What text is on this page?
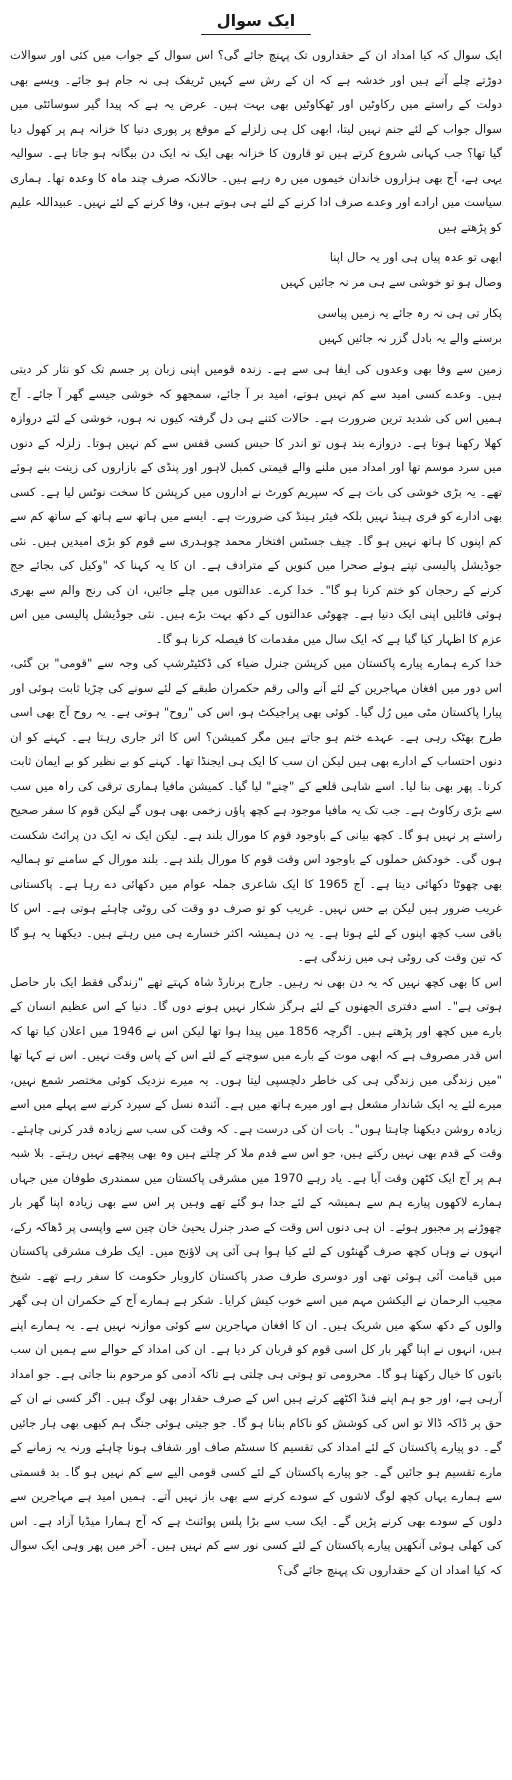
ایک سوال

ایک سوال کہ کیا امداد ان کے حقداروں تک پہنچ جائے گی؟ اس سوال کے جواب میں کئی اور سوالات دوڑتے چلے آتے ہیں اور خدشہ ہے کہ ان کے رش سے کہیں ٹریفک ہی نہ جام ہو جائے۔ ویسے بھی دولت کے راستے میں رکاوٹیں اور ٹھکاوٹیں بھی بہت ہیں۔ عرض یہ ہے کہ پیدا گیر سوسائٹی میں سوال جواب کے لئے جنم نہیں لیتا، ابھی کل ہی زلزلے کے موقع پر پوری دنیا کا خزانہ ہم پر کھول دیا گیا تھا؟ جب کہانی شروع کرتے ہیں تو قارون کا خزانہ بھی ایک نہ ایک دن بیگانہ ہو جاتا ہے۔ سوالیہ یہی ہے، آج بھی ہزاروں خاندان خیموں میں رہ رہے ہیں۔ حالانکہ صرف چند ماہ کا وعدہ تھا۔ ہماری سیاست میں ارادے اور وعدے صرف ادا کرنے کے لئے ہی ہوتے ہیں، وفا کرنے کے لئے نہیں۔ عبیداللہ علیم کو پڑھتے ہیں

ابھی تو عدہ پیاں ہی اور یہ حال اپنا

وصال ہو تو خوشی سے ہی مر نہ جائیں کہیں

پکار تی ہی نہ رہ جائے یہ زمیں پیاسی

برسنے والے یہ بادل گزر نہ جائیں کہیں

زمین سے وفا بھی وعدوں کی ایفا ہی سے ہے۔ زندہ قومیں اپنی زبان پر جسم تک کو نثار کر دیتی ہیں۔ وعدے کسی امید سے کم نہیں ہوتے، امید بر آ جائے، سمجھو کہ خوشی جیسے گھر آ جائے۔ آج ہمیں اس کی شدید ترین ضرورت ہے۔ حالات کتنے ہی دل گرفتہ کیوں نہ ہوں، خوشی کے لئے دروازہ کھلا رکھنا ہوتا ہے۔ دروازے بند ہوں تو اندر کا حبس کسی قفس سے کم نہیں ہوتا۔ زلزلہ کے دنوں میں سرد موسم تھا اور امداد میں ملنے والے قیمتی کمبل لاہور اور پنڈی کے بازاروں کی زینت بنے ہوئے تھے۔ یہ بڑی خوشی کی بات ہے کہ سپریم کورٹ نے اداروں میں کرپشن کا سخت نوٹس لیا ہے۔ کسی بھی ادارے کو فری ہینڈ نہیں بلکہ فیئر ہینڈ کی ضرورت ہے۔ ایسے میں ہاتھ سے ہاتھ کے ساتھ کم سے کم اپنوں کا ہاتھ نہیں ہو گا۔ چیف جسٹس افتخار محمد چوہدری سے قوم کو بڑی امیدیں ہیں۔ نئی جوڈیشل پالیسی تپتے ہوئے صحرا میں کنویں کے مترادف ہے۔ ان کا یہ کہنا کہ "وکیل کی بجائے جج کرنے کے رحجان کو ختم کرنا ہو گا"۔ خدا کرے۔ عدالتوں میں چلے جائیں، ان کی رنج والم سے بھری ہوئی فائلیں اپنی ایک دنیا ہے۔ چھوٹی عدالتوں کے دکھ بہت بڑے ہیں۔ نئی جوڈیشل پالیسی میں اس عزم کا اظہار کیا گیا ہے کہ ایک سال میں مقدمات کا فیصلہ کرنا ہو گا۔

خدا کرے ہمارے پیارے پاکستان میں کرپشن جنرل ضیاء کی ڈکٹیٹرشپ کی وجہ سے "قومی" بن گئی، اس دور میں افغان مہاجرین کے لئے آنے والی رقم حکمران طبقے کے لئے سونے کی چڑیا ثابت ہوئی اور پیارا پاکستان مٹی میں رُل گیا۔ کوئی بھی پراجیکٹ ہو، اس کی "روح" ہوتی ہے۔ یہ روح آج بھی اسی طرح بھٹک رہی ہے۔ عہدے ختم ہو جاتے ہیں مگر کمیشن؟ اس کا اثر جاری رہتا ہے۔ کہنے کو ان دنوں احتساب کے ادارے بھی ہیں لیکن ان سب کا ایک ہی ایجنڈا تھا۔ کہنے کو بے نظیر کو بے ایمان ثابت کرنا۔ پھر بھی بنا لیا۔ اسے شاہی قلعے کے "چنے" لیا گیا۔ کمیشن مافیا ہماری ترقی کی راہ میں سب سے بڑی رکاوٹ ہے۔ جب تک یہ مافیا موجود ہے کچھ پاؤں زخمی بھی ہوں گے لیکن قوم کا سفر صحیح راستے پر نہیں ہو گا۔ کچھ بیانی کے باوجود قوم کا مورال بلند ہے۔ لیکن ایک نہ ایک دن پرائٹ شکست ہوں گی۔ خودکش حملوں کے باوجود اس وقت قوم کا مورال بلند ہے۔ بلند مورال کے سامنے تو ہمالیہ بھی چھوٹا دکھائی دیتا ہے۔ آج 1965 کا ایک شاعری جملہ عوام میں دکھائی دے رہا ہے۔ پاکستانی غریب ضرور ہیں لیکن بے حس نہیں۔ غریب کو تو صرف دو وقت کی روٹی چاہئے ہوتی ہے۔ اس کا باقی سب کچھ اپنوں کے لئے ہوتا ہے۔ یہ دن ہمیشہ اکثر خسارے ہی میں رہتے ہیں۔ دیکھنا یہ ہو گا کہ تین وقت کی روٹی ہی میں زندگی ہے۔

اس کا بھی کچھ نہیں کہ یہ دن بھی نہ رہیں۔ جارج برنارڈ شاہ کہتے تھے "زندگی فقط ایک بار حاصل ہوتی ہے"۔ اسے دفتری الجھنوں کے لئے ہرگز شکار نہیں ہونے دوں گا۔ دنیا کے اس عظیم انسان کے بارے میں کچھ اور پڑھتے ہیں۔ اگرچہ 1856 میں پیدا ہوا تھا لیکن اس نے 1946 میں اعلان کیا تھا کہ اس قدر مصروف ہے کہ ابھی موت کے بارے میں سوچنے کے لئے اس کے پاس وقت نہیں۔ اس نے کہا تھا "میں زندگی میں زندگی ہی کی خاطر دلچسپی لیتا ہوں۔ یہ میرے نزدیک کوئی مختصر شمع نہیں، میرے لئے یہ ایک شاندار مشعل ہے اور میرے ہاتھ میں ہے۔ آئندہ نسل کے سپرد کرنے سے پہلے میں اسے زیادہ روشن دیکھنا چاہتا ہوں"۔ بات ان کی درست ہے۔ کہ وقت کی سب سے زیادہ قدر کرنی چاہئے۔ وقت کے قدم بھی نہیں رکتے ہیں، جو اس سے قدم ملا کر چلتے ہیں وہ بھی پیچھے نہیں رہتے۔ بلا شبہ ہم پر آج ایک کٹھن وقت آیا ہے۔ یاد رہے 1970 میں مشرقی پاکستان میں سمندری طوفان میں جہاں ہمارے لاکھوں پیارے ہم سے ہمیشہ کے لئے جدا ہو گئے تھے وہیں پر اس سے بھی زیادہ اپنا گھر بار چھوڑنے پر مجبور ہوئے۔ ان ہی دنوں اس وقت کے صدر جنرل یحییٰ خان چین سے واپسی پر ڈھاکہ رکے، انہوں نے وہاں کچھ صرف گھنٹوں کے لئے کیا ہوا ہی آئی پی لاؤنج میں۔ ایک طرف مشرقی پاکستان میں قیامت آئی ہوئی تھی اور دوسری طرف صدر پاکستان کاروبار حکومت کا سفر رہے تھے۔ شیخ مجیب الرحمان نے الیکشن مہم میں اسے خوب کیش کرایا۔ شکر ہے ہمارے آج کے حکمران ان ہی گھر والوں کے دکھ سکھ میں شریک ہیں۔ ان کا افغان مہاجرین سے کوئی موازنہ نہیں ہے۔ یہ ہمارے اپنے ہیں، انہوں نے اپنا گھر بار کل اسی قوم کو قربان کر دیا ہے۔ ان کی امداد کے حوالے سے ہمیں ان سب باتوں کا خیال رکھنا ہو گا۔ محرومی تو ہوتی ہی چلتی ہے تاکہ آدمی کو مرحوم بنا جاتی ہے۔ جو امداد آرہی ہے، اور جو ہم اپنے فنڈ اکٹھے کرتے ہیں اس کے صرف حقدار بھی لوگ ہیں۔ اگر کسی نے ان کے حق پر ڈاکہ ڈالا تو اس کی کوشش کو ناکام بنانا ہو گا۔ جو جیتی ہوئی جنگ ہم کبھی بھی ہار جائیں گے۔ دو پیارے پاکستان کے لئے امداد کی تقسیم کا سسٹم صاف اور شفاف ہونا چاہئے ورنہ یہ زمانے کے مارے تقسیم ہو جائیں گے۔ جو پیارے پاکستان کے لئے کسی قومی الیے سے کم نہیں ہو گا۔ بد قسمتی سے ہمارے یہاں کچھ لوگ لاشوں کے سودے کرنے سے بھی باز نہیں آتے۔ ہمیں امید ہے مہاجرین سے دلوں کے سودے بھی کرنے پڑیں گے۔ ایک سب سے بڑا پلس پوائنٹ ہے کہ آج ہمارا میڈیا آزاد ہے۔ اس کی کھلی ہوئی آنکھیں پیارے پاکستان کے لئے کسی نور سے کم نہیں ہیں۔ آخر میں پھر وہی ایک سوال کہ کیا امداد ان کے حقداروں تک پہنچ جائے گی؟
